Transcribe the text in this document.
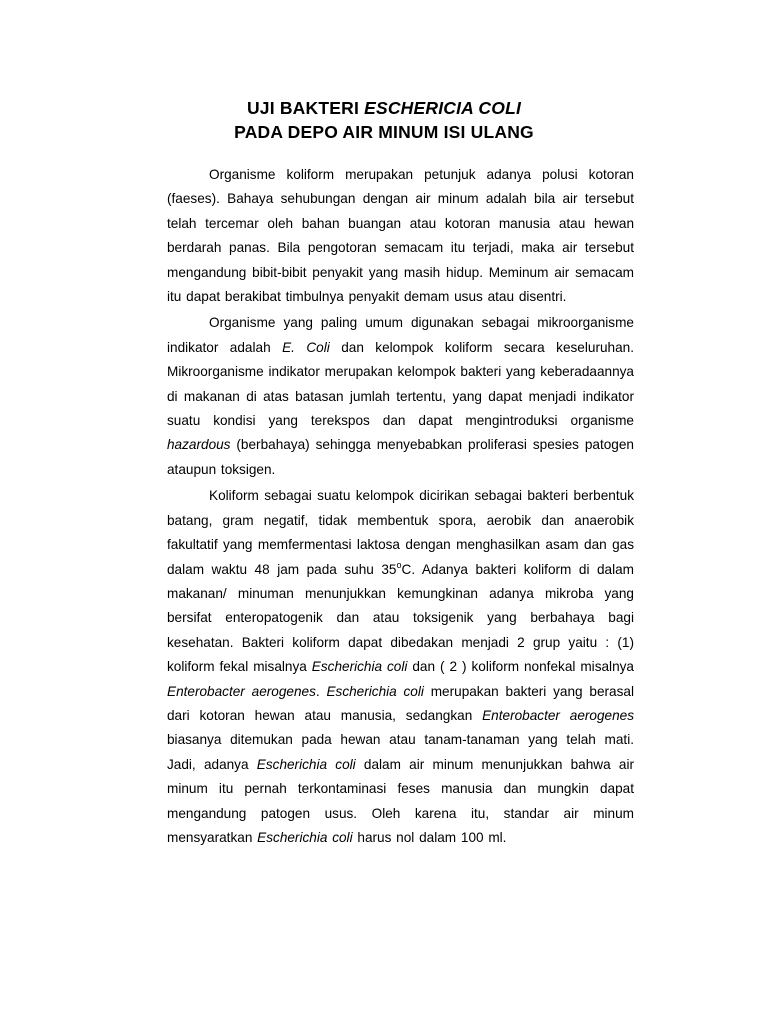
UJI BAKTERI ESCHERICIA COLI
PADA DEPO AIR MINUM ISI ULANG

Organisme koliform merupakan petunjuk adanya polusi kotoran (faeses). Bahaya sehubungan dengan air minum adalah bila air tersebut telah tercemar oleh bahan buangan atau kotoran manusia atau hewan berdarah panas. Bila pengotoran semacam itu terjadi, maka air tersebut mengandung bibit-bibit penyakit yang masih hidup. Meminum air semacam itu dapat berakibat timbulnya penyakit demam usus atau disentri.

Organisme yang paling umum digunakan sebagai mikroorganisme indikator adalah E. Coli dan kelompok koliform secara keseluruhan. Mikroorganisme indikator merupakan kelompok bakteri yang keberadaannya di makanan di atas batasan jumlah tertentu, yang dapat menjadi indikator suatu kondisi yang terekspos dan dapat mengintroduksi organisme hazardous (berbahaya) sehingga menyebabkan proliferasi spesies patogen ataupun toksigen.

Koliform sebagai suatu kelompok dicirikan sebagai bakteri berbentuk batang, gram negatif, tidak membentuk spora, aerobik dan anaerobik fakultatif yang memfermentasi laktosa dengan menghasilkan asam dan gas dalam waktu 48 jam pada suhu 35$^o$C. Adanya bakteri koliform di dalam makanan/ minuman menunjukkan kemungkinan adanya mikroba yang bersifat enteropatogenik dan atau toksigenik yang berbahaya bagi kesehatan. Bakteri koliform dapat dibedakan menjadi 2 grup yaitu : (1) koliform fekal misalnya Escherichia coli dan ( 2 ) koliform nonfekal misalnya Enterobacter aerogenes. Escherichia coli merupakan bakteri yang berasal dari kotoran hewan atau manusia, sedangkan Enterobacter aerogenes biasanya ditemukan pada hewan atau tanam-tanaman yang telah mati. Jadi, adanya Escherichia coli dalam air minum menunjukkan bahwa air minum itu pernah terkontaminasi feses manusia dan mungkin dapat mengandung patogen usus. Oleh karena itu, standar air minum mensyaratkan Escherichia coli harus nol dalam 100 ml.
